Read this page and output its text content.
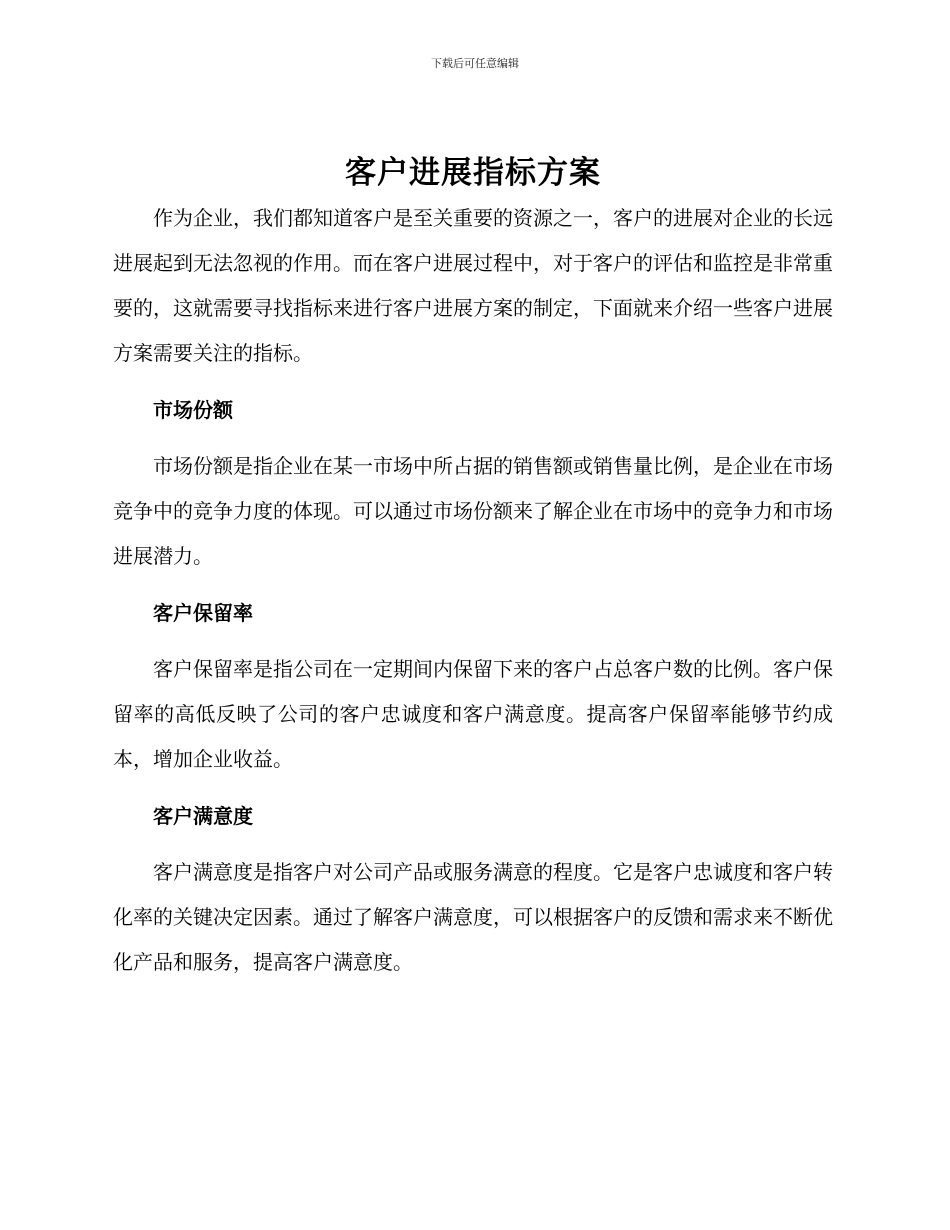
下载后可任意编辑
客户进展指标方案

作为企业，我们都知道客户是至关重要的资源之一，客户的进展对企业的长远进展起到无法忽视的作用。而在客户进展过程中，对于客户的评估和监控是非常重要的，这就需要寻找指标来进行客户进展方案的制定，下面就来介绍一些客户进展方案需要关注的指标。

市场份额

市场份额是指企业在某一市场中所占据的销售额或销售量比例，是企业在市场竞争中的竞争力度的体现。可以通过市场份额来了解企业在市场中的竞争力和市场进展潜力。

客户保留率

客户保留率是指公司在一定期间内保留下来的客户占总客户数的比例。客户保留率的高低反映了公司的客户忠诚度和客户满意度。提高客户保留率能够节约成本，增加企业收益。

客户满意度

客户满意度是指客户对公司产品或服务满意的程度。它是客户忠诚度和客户转化率的关键决定因素。通过了解客户满意度，可以根据客户的反馈和需求来不断优化产品和服务，提高客户满意度。
